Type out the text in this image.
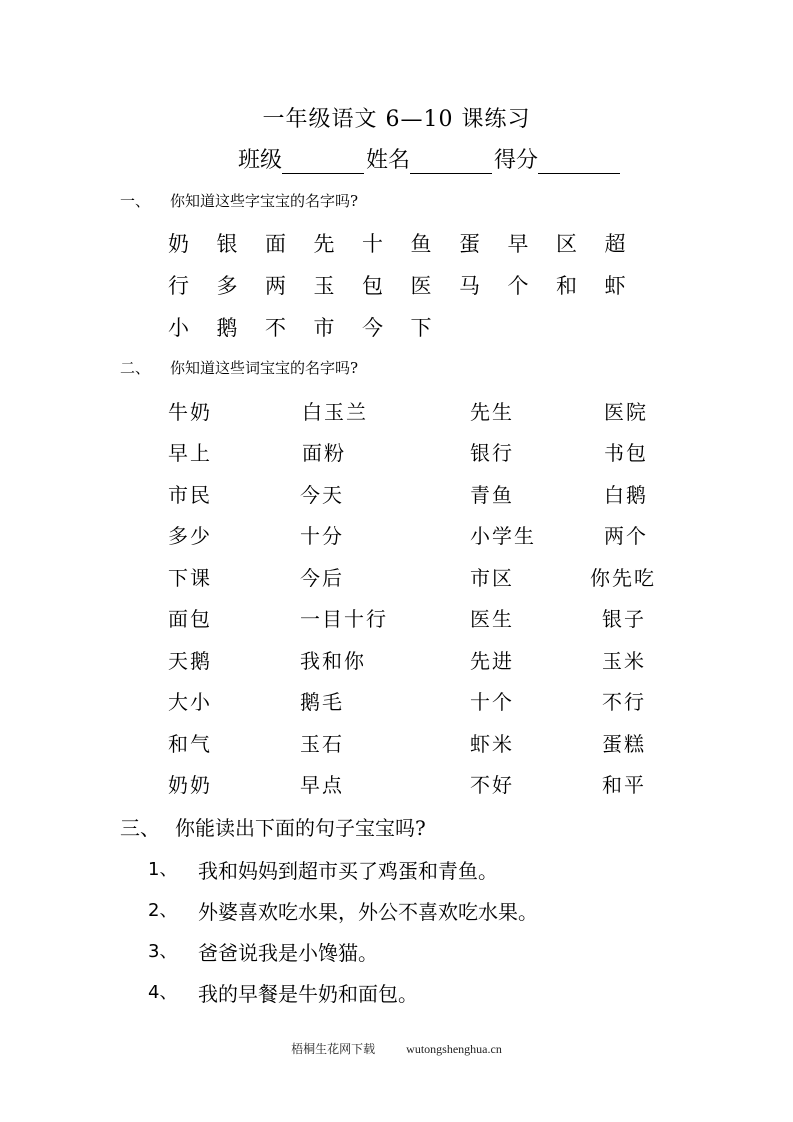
一年级语文 6—10 课练习
班级	姓名	得分
一、	你知道这些字宝宝的名字吗?
奶	银	面	先	十	鱼	蛋	早	区	超
行	多	两	玉	包	医	马	个	和	虾
小	鹅	不	市	今	下
二、	你知道这些词宝宝的名字吗?
牛奶	白玉兰	先生	医院
早上	面粉	银行	书包
市民	今天	青鱼	白鹅
多少	十分	小学生	两个
下课	今后	市区	你先吃
面包	一目十行	医生	银子
天鹅	我和你	先进	玉米
大小	鹅毛	十个	不行
和气	玉石	虾米	蛋糕
奶奶	早点	不好	和平
三、 你能读出下面的句子宝宝吗?
1、	我和妈妈到超市买了鸡蛋和青鱼。
2、	外婆喜欢吃水果，外公不喜欢吃水果。
3、	爸爸说我是小馋猫。
4、	我的早餐是牛奶和面包。
梧桐生花网下载	wutongshenghua.cn
